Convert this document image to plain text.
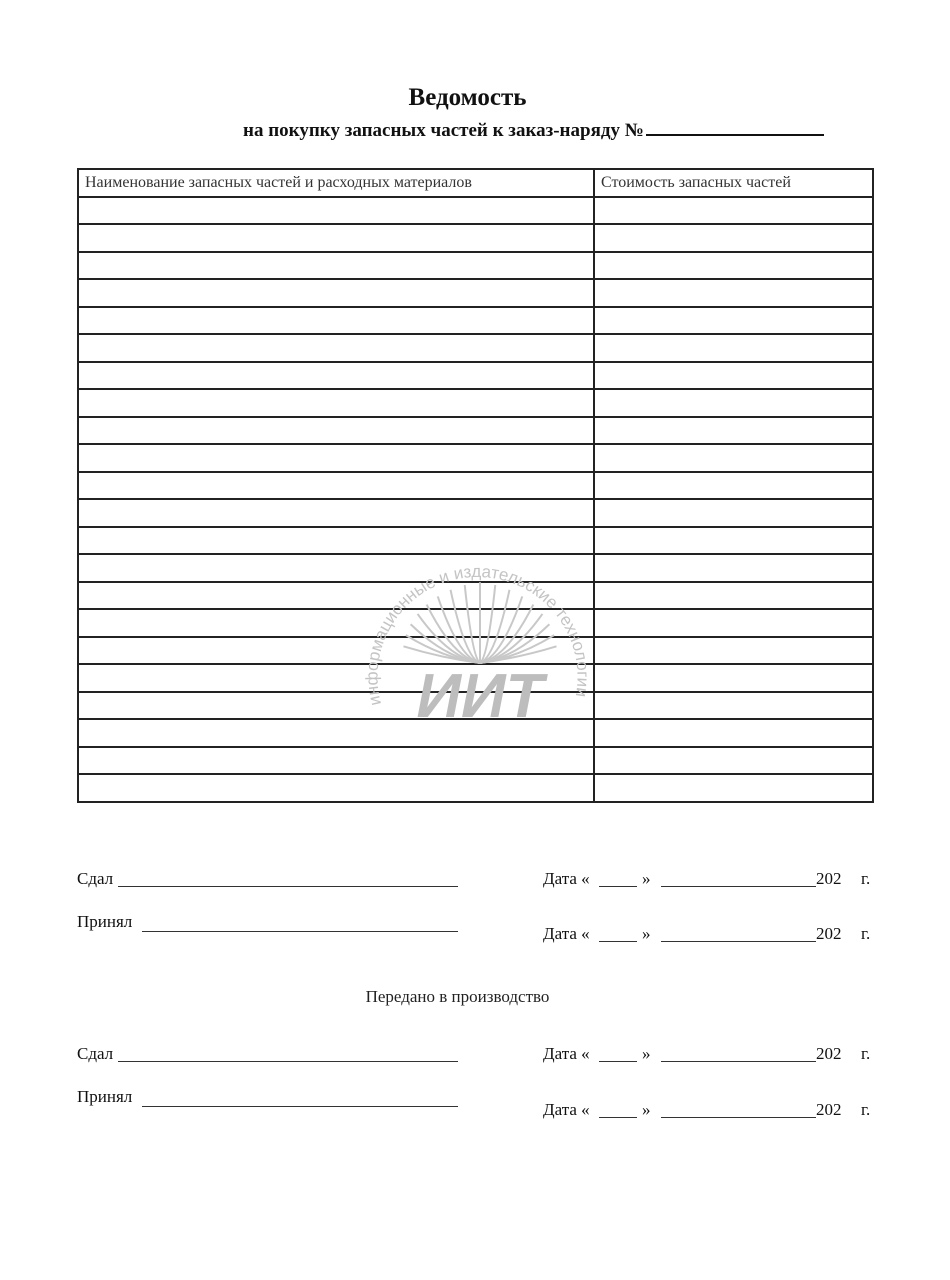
Ведомость
на покупку запасных частей к заказ-наряду №
Наименование запасных частей и расходных материалов	Стоимость запасных частей

информационные и издательские технологии
ИИТ
Сдал
Принял
Дата «	»	202 г.
Дата «	»	202 г.
Передано в производство
Сдал
Принял
Дата «	»	202 г.
Дата «	»	202 г.
